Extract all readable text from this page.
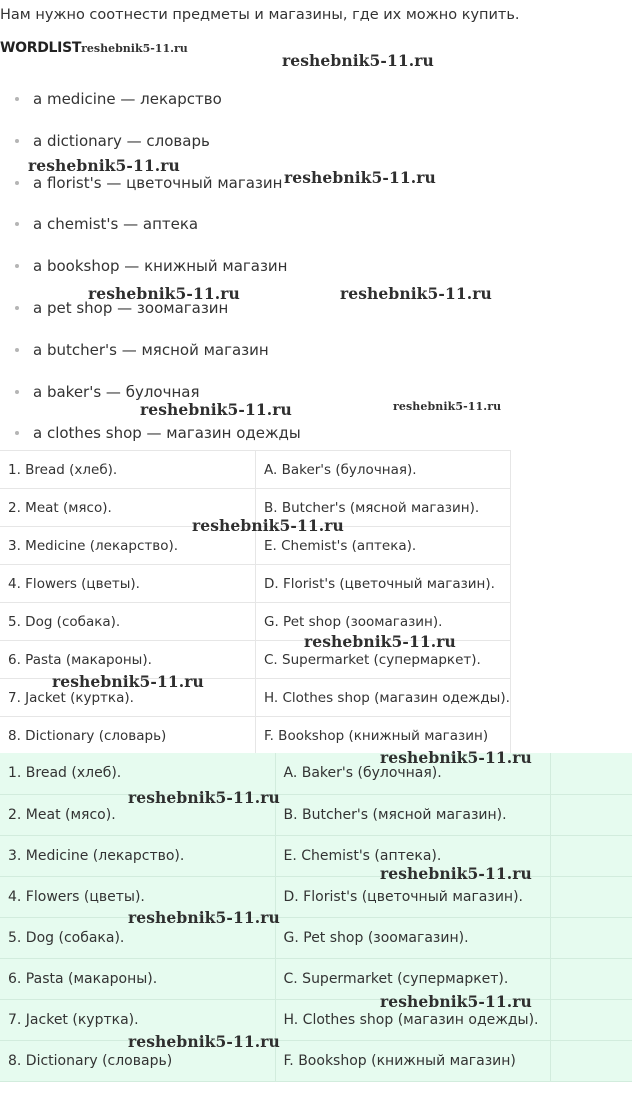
Нам нужно соотнести предметы и магазины, где их можно купить.
WORDLISTreshebnik5-11.ru
a medicine — лекарство
a dictionary — словарь
a florist's — цветочный магазин
a chemist's — аптека
a bookshop — книжный магазин
a pet shop — зоомагазин
a butcher's — мясной магазин
a baker's — булочная
a clothes shop — магазин одежды
1. Bread (хлеб).	A. Baker's (булочная).
2. Meat (мясо).	B. Butcher's (мясной магазин).
3. Medicine (лекарство).	E. Chemist's (аптека).
4. Flowers (цветы).	D. Florist's (цветочный магазин).
5. Dog (собака).	G. Pet shop (зоомагазин).
6. Pasta (макароны).	C. Supermarket (супермаркет).
7. Jacket (куртка).	H. Clothes shop (магазин одежды).
8. Dictionary (словарь)	F. Bookshop (книжный магазин)
1. Bread (хлеб).	A. Baker's (булочная).	
2. Meat (мясо).	B. Butcher's (мясной магазин).	
3. Medicine (лекарство).	E. Chemist's (аптека).	
4. Flowers (цветы).	D. Florist's (цветочный магазин).	
5. Dog (собака).	G. Pet shop (зоомагазин).	
6. Pasta (макароны).	C. Supermarket (супермаркет).	
7. Jacket (куртка).	H. Clothes shop (магазин одежды).	
8. Dictionary (словарь)	F. Bookshop (книжный магазин)	
reshebnik5-11.ru
reshebnik5-11.ru
reshebnik5-11.ru
reshebnik5-11.ru	reshebnik5-11.ru
reshebnik5-11.ru	reshebnik5-11.ru
reshebnik5-11.ru
reshebnik5-11.ru
reshebnik5-11.ru
reshebnik5-11.ru
reshebnik5-11.ru
reshebnik5-11.ru
reshebnik5-11.ru
reshebnik5-11.ru
reshebnik5-11.ru
